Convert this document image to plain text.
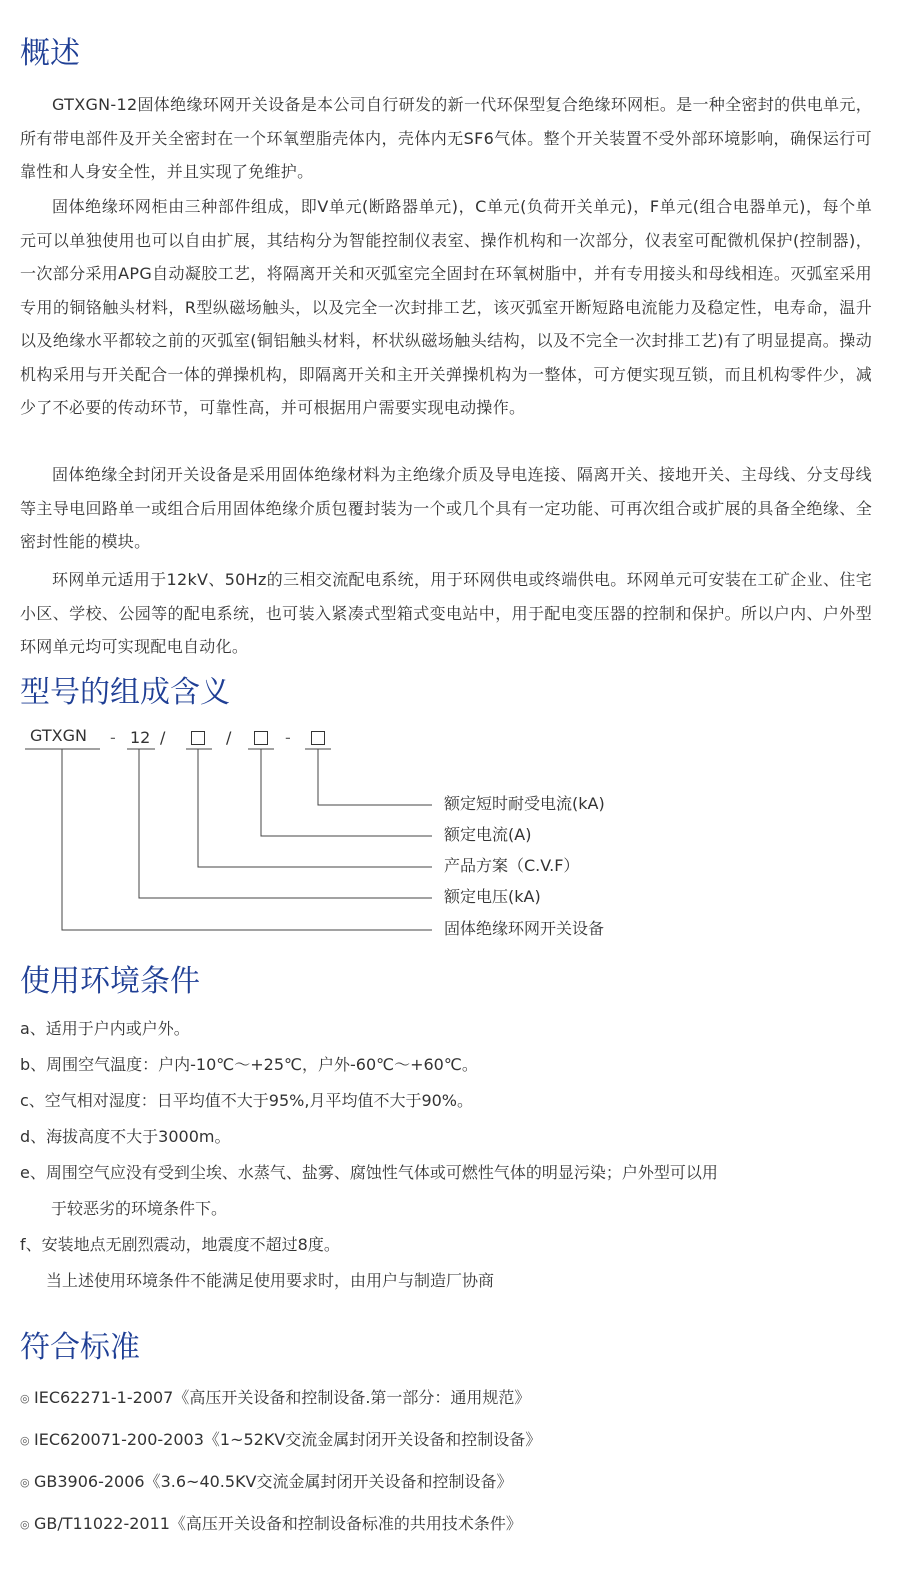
概述

GTXGN-12固体绝缘环网开关设备是本公司自行研发的新一代环保型复合绝缘环网柜。是一种全密封的供电单元，所有带电部件及开关全密封在一个环氧塑脂壳体内，壳体内无SF6气体。整个开关装置不受外部环境影响，确保运行可靠性和人身安全性，并且实现了免维护。

固体绝缘环网柜由三种部件组成，即V单元(断路器单元)，C单元(负荷开关单元)，F单元(组合电器单元)，每个单元可以单独使用也可以自由扩展，其结构分为智能控制仪表室、操作机构和一次部分，仪表室可配微机保护(控制器)，一次部分采用APG自动凝胶工艺，将隔离开关和灭弧室完全固封在环氧树脂中，并有专用接头和母线相连。灭弧室采用专用的铜铬触头材料，R型纵磁场触头，以及完全一次封排工艺，该灭弧室开断短路电流能力及稳定性，电寿命，温升以及绝缘水平都较之前的灭弧室(铜铝触头材料，杯状纵磁场触头结构，以及不完全一次封排工艺)有了明显提高。操动机构采用与开关配合一体的弹操机构，即隔离开关和主开关弹操机构为一整体，可方便实现互锁，而且机构零件少，减少了不必要的传动环节，可靠性高，并可根据用户需要实现电动操作。

固体绝缘全封闭开关设备是采用固体绝缘材料为主绝缘介质及导电连接、隔离开关、接地开关、主母线、分支母线等主导电回路单一或组合后用固体绝缘介质包覆封装为一个或几个具有一定功能、可再次组合或扩展的具备全绝缘、全密封性能的模块。

环网单元适用于12kV、50Hz的三相交流配电系统，用于环网供电或终端供电。环网单元可安装在工矿企业、住宅小区、学校、公园等的配电系统，也可装入紧凑式型箱式变电站中，用于配电变压器的控制和保护。所以户内、户外型环网单元均可实现配电自动化。

型号的组成含义
GTXGN - 12 /	/	-
额定短时耐受电流(kA)
额定电流(A)
产品方案（C.V.F）
额定电压(kA)
固体绝缘环网开关设备
使用环境条件

a、适用于户内或户外。

b、周围空气温度：户内-10℃～+25℃，户外-60℃～+60℃。

c、空气相对湿度：日平均值不大于95%,月平均值不大于90%。

d、海拔高度不大于3000m。

e、周围空气应没有受到尘埃、水蒸气、盐雾、腐蚀性气体或可燃性气体的明显污染；户外型可以用

于较恶劣的环境条件下。

f、安装地点无剧烈震动，地震度不超过8度。

当上述使用环境条件不能满足使用要求时，由用户与制造厂协商

符合标准

◎ IEC62271-1-2007《高压开关设备和控制设备.第一部分：通用规范》

◎ IEC620071-200-2003《1~52KV交流金属封闭开关设备和控制设备》

◎ GB3906-2006《3.6~40.5KV交流金属封闭开关设备和控制设备》

◎ GB/T11022-2011《高压开关设备和控制设备标准的共用技术条件》
